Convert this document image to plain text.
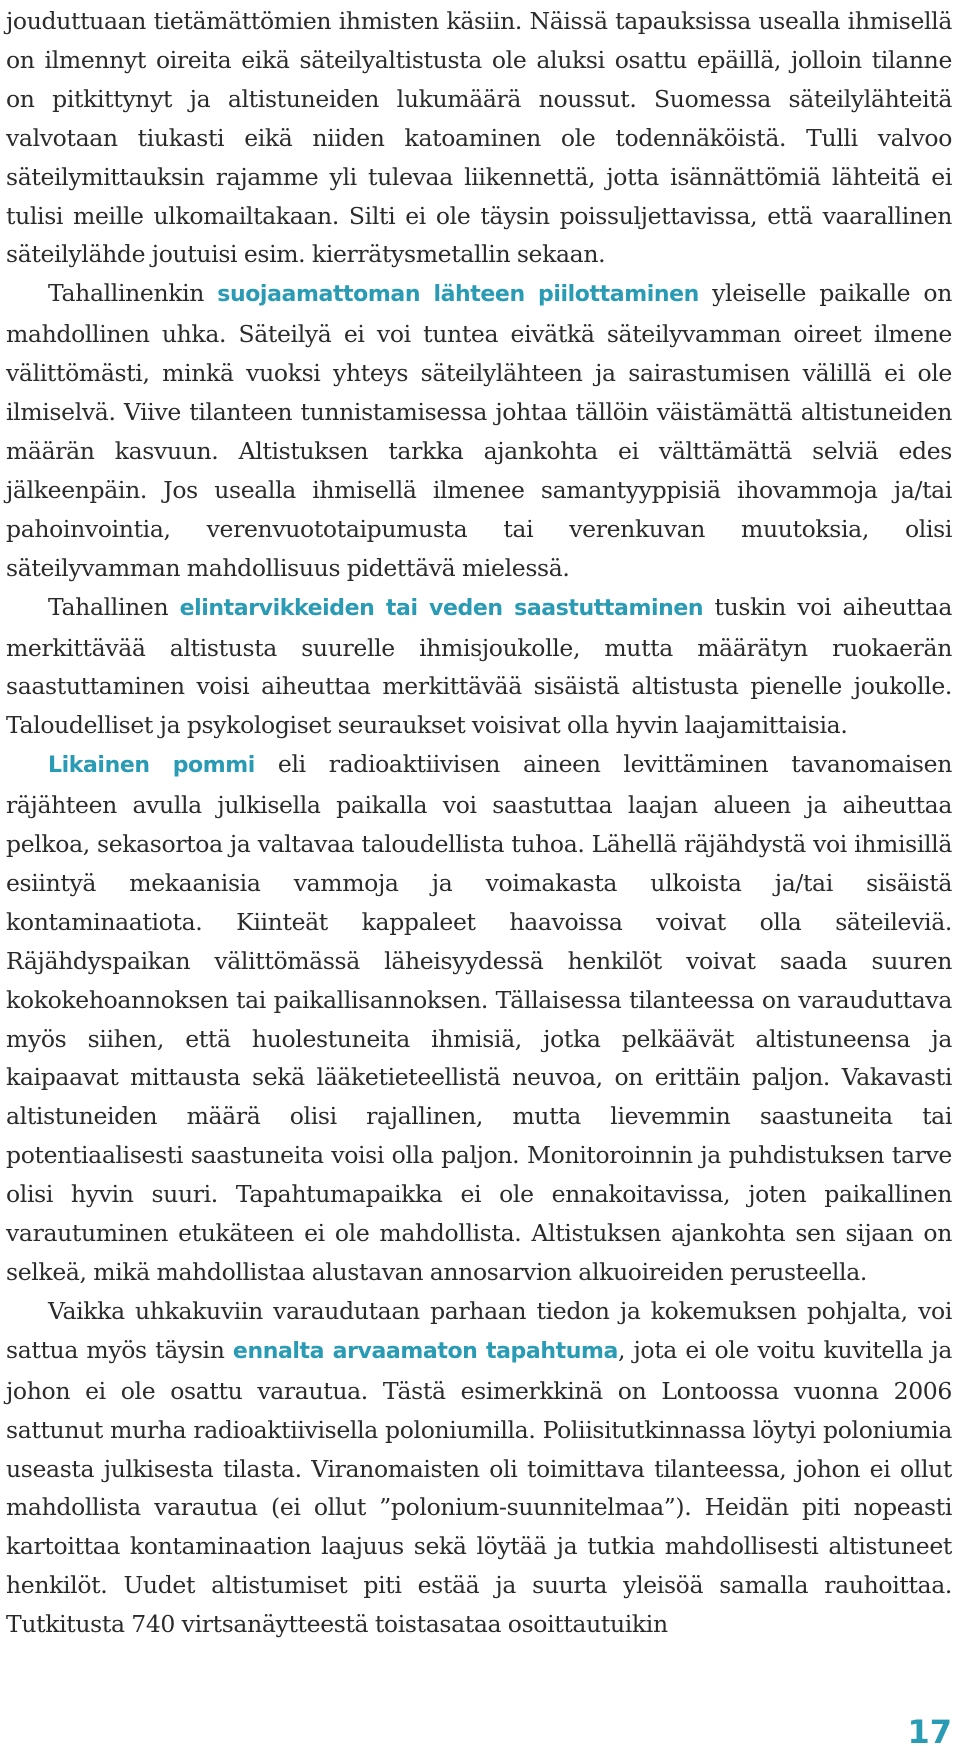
jouduttuaan tietämättömien ihmisten käsiin. Näissä tapauksissa usealla ihmisellä on ilmennyt oireita eikä säteilyaltistusta ole aluksi osattu epäillä, jolloin tilanne on pitkittynyt ja altistuneiden lukumäärä noussut. Suomessa säteilylähteitä valvotaan tiukasti eikä niiden katoaminen ole todennäköistä. Tulli valvoo säteilymittauksin rajamme yli tulevaa liikennettä, jotta isännättömiä lähteitä ei tulisi meille ulkomailtakaan. Silti ei ole täysin poissuljettavissa, että vaarallinen säteilylähde joutuisi esim. kierrätysmetallin sekaan.

Tahallinenkin suojaamattoman lähteen piilottaminen yleiselle paikalle on mahdollinen uhka. Säteilyä ei voi tuntea eivätkä säteilyvamman oireet ilmene välittömästi, minkä vuoksi yhteys säteilylähteen ja sairastumisen välillä ei ole ilmiselvä. Viive tilanteen tunnistamisessa johtaa tällöin väistämättä altistuneiden määrän kasvuun. Altistuksen tarkka ajankohta ei välttämättä selviä edes jälkeenpäin. Jos usealla ihmisellä ilmenee samantyyppisiä ihovammoja ja/tai pahoinvointia, verenvuototaipumusta tai verenkuvan muutoksia, olisi säteilyvamman mahdollisuus pidettävä mielessä.

Tahallinen elintarvikkeiden tai veden saastuttaminen tuskin voi aiheuttaa merkittävää altistusta suurelle ihmisjoukolle, mutta määrätyn ruokaerän saastuttaminen voisi aiheuttaa merkittävää sisäistä altistusta pienelle joukolle. Taloudelliset ja psykologiset seuraukset voisivat olla hyvin laajamittaisia.

Likainen pommi eli radioaktiivisen aineen levittäminen tavanomaisen räjähteen avulla julkisella paikalla voi saastuttaa laajan alueen ja aiheuttaa pelkoa, sekasortoa ja valtavaa taloudellista tuhoa. Lähellä räjähdystä voi ihmisillä esiintyä mekaanisia vammoja ja voimakasta ulkoista ja/tai sisäistä kontaminaatiota. Kiinteät kappaleet haavoissa voivat olla säteileviä. Räjähdyspaikan välittömässä läheisyydessä henkilöt voivat saada suuren kokokehoannoksen tai paikallisannoksen. Tällaisessa tilanteessa on varauduttava myös siihen, että huolestuneita ihmisiä, jotka pelkäävät altistuneensa ja kaipaavat mittausta sekä lääketieteellistä neuvoa, on erittäin paljon. Vakavasti altistuneiden määrä olisi rajallinen, mutta lievemmin saastuneita tai potentiaalisesti saastuneita voisi olla paljon. Monitoroinnin ja puhdistuksen tarve olisi hyvin suuri. Tapahtumapaikka ei ole ennakoitavissa, joten paikallinen varautuminen etukäteen ei ole mahdollista. Altistuksen ajankohta sen sijaan on selkeä, mikä mahdollistaa alustavan annosarvion alkuoireiden perusteella.

Vaikka uhkakuviin varaudutaan parhaan tiedon ja kokemuksen pohjalta, voi sattua myös täysin ennalta arvaamaton tapahtuma, jota ei ole voitu kuvitella ja johon ei ole osattu varautua. Tästä esimerkkinä on Lontoossa vuonna 2006 sattunut murha radioaktiivisella poloniumilla. Poliisitutkinnassa löytyi poloniumia useasta julkisesta tilasta. Viranomaisten oli toimittava tilanteessa, johon ei ollut mahdollista varautua (ei ollut ”polonium-suunnitelmaa”). Heidän piti nopeasti kartoittaa kontaminaation laajuus sekä löytää ja tutkia mahdollisesti altistuneet henkilöt. Uudet altistumiset piti estää ja suurta yleisöä samalla rauhoittaa. Tutkitusta 740 virtsanäytteestä toistasataa osoittautuikin

17
